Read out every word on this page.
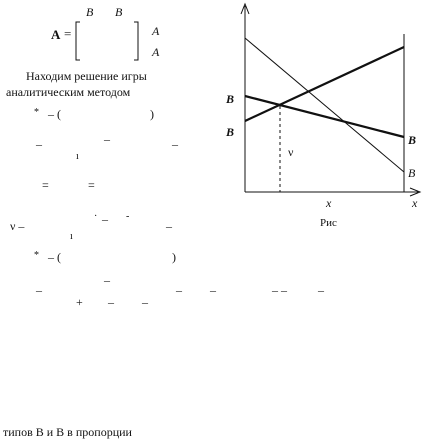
B B
A =	A
A
Находим решение игры
аналитическим методом
* – (	)
–	–	–
ı
=	=
ν –
· – -
–
ı
* – (	)
–
–	– –	– –	–
+ – –
типов B и B в пропорции
B
B
B
B
ν
x	x
Рис
